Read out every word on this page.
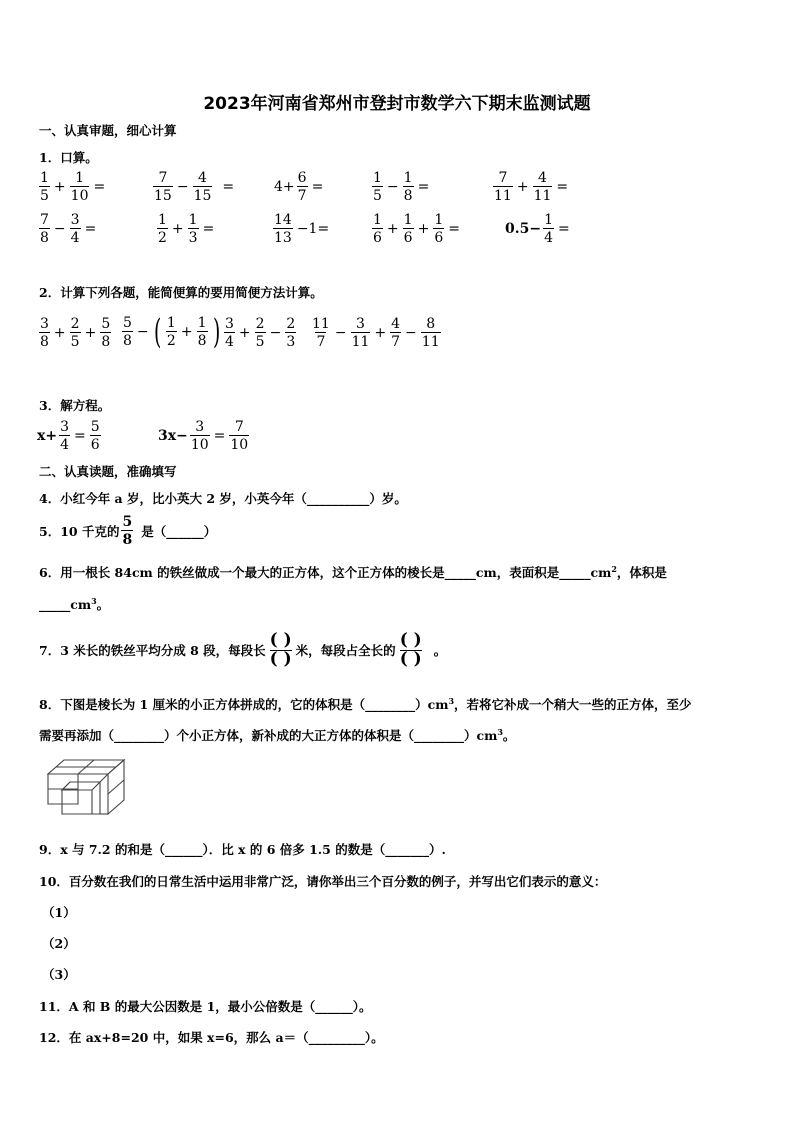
2023年河南省郑州市登封市数学六下期末监测试题
一、认真审题，细心计算
1．口算。
$\frac{1}{5} + \frac{1}{10}$ =	$\frac{7}{15} - \frac{4}{15}$ =	$4+ \frac{6}{7}$ =	$\frac{1}{5} - \frac{1}{8}$ =	$\frac{7}{11} + \frac{4}{11}$ =
$\frac{7}{8} - \frac{3}{4}$ =	$\frac{1}{2} + \frac{1}{3}$ =	$\frac{14}{13} -1=$	$\frac{1}{6} + \frac{1}{6} + \frac{1}{6}$ =	$0.5- \frac{1}{4}$ =
2．计算下列各题，能简便算的要用简便方法计算。
$\frac{3}{8} + \frac{2}{5} + \frac{5}{8} \frac{5}{8}$ − ( $\frac{1}{2} + \frac{1}{8}$ ) $\frac{3}{4} + \frac{2}{5} - \frac{2}{3} \frac{11}{7} - \frac{3}{11} + \frac{4}{7} - \frac{8}{11}$
3．解方程。
$x+ \frac{3}{4} = \frac{5}{6}$	$3x- \frac{3}{10} = \frac{7}{10}$
二、认真读题，准确填写
4．小红今年 a 岁，比小英大 2 岁，小英今年（__________）岁。
5．10 千克的 $\frac{5}{8}$ 是（______）
6．用一根长 84cm 的铁丝做成一个最大的正方体，这个正方体的棱长是_____cm，表面积是$\_\_\_\_\_cm^2$，体积是
$\_\_\_\_\_cm^3$。
7．3 米长的铁丝平均分成 8 段，每段长
( )
( ) 米，每段占全长的
( )
( ) 。
8．下图是棱长为 1 厘米的小正方体拼成的，它的体积是$(\_\_\_\_\_\_\_\_)cm^3$，若将它补成一个稍大一些的正方体，至少
需要再添加（________）个小正方体，新补成的大正方体的体积是$(\_\_\_\_\_\_\_\_)cm^3$。
9．x 与 7.2 的和是（______）．比 x 的 6 倍多 1.5 的数是（_______）.
10．百分数在我们的日常生活中运用非常广泛，请你举出三个百分数的例子，并写出它们表示的意义：
（1）
（2）
（3）
11．A 和 B 的最大公因数是 1，最小公倍数是（______）。
12．在 ax+8=20 中，如果 x=6，那么 a＝（_________）。
